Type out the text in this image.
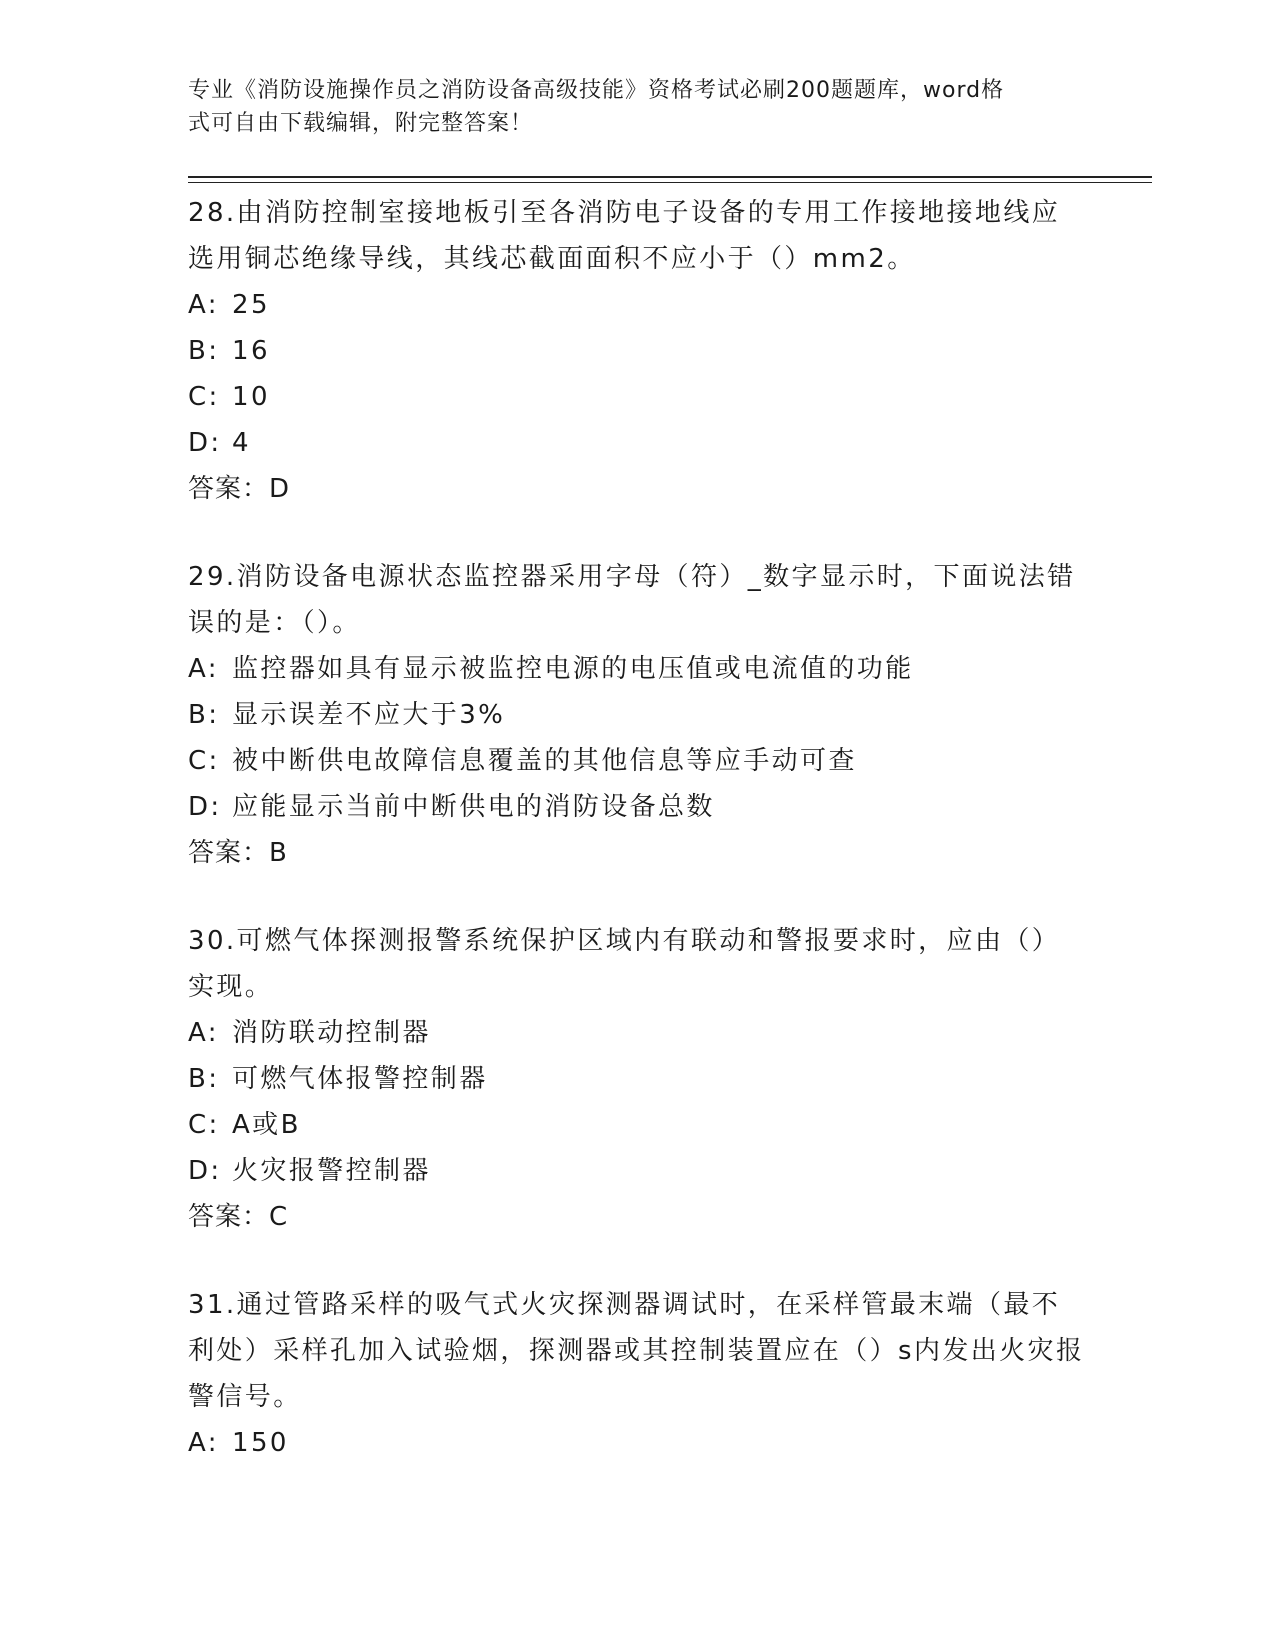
专业《消防设施操作员之消防设备高级技能》资格考试必刷200题题库，word格
式可自由下载编辑，附完整答案！
28.由消防控制室接地板引至各消防电子设备的专用工作接地接地线应选用铜芯绝缘导线，其线芯截面面积不应小于（）mm2。
A: 25
B: 16
C: 10
D: 4
答案：D
29.消防设备电源状态监控器采用字母（符）_数字显示时，下面说法错误的是：（）。
A: 监控器如具有显示被监控电源的电压值或电流值的功能
B: 显示误差不应大于3%
C: 被中断供电故障信息覆盖的其他信息等应手动可查
D: 应能显示当前中断供电的消防设备总数
答案：B
30.可燃气体探测报警系统保护区域内有联动和警报要求时，应由（）实现。
A: 消防联动控制器
B: 可燃气体报警控制器
C: A或B
D: 火灾报警控制器
答案：C
31.通过管路采样的吸气式火灾探测器调试时，在采样管最末端（最不利处）采样孔加入试验烟，探测器或其控制装置应在（）s内发出火灾报警信号。
A: 150
